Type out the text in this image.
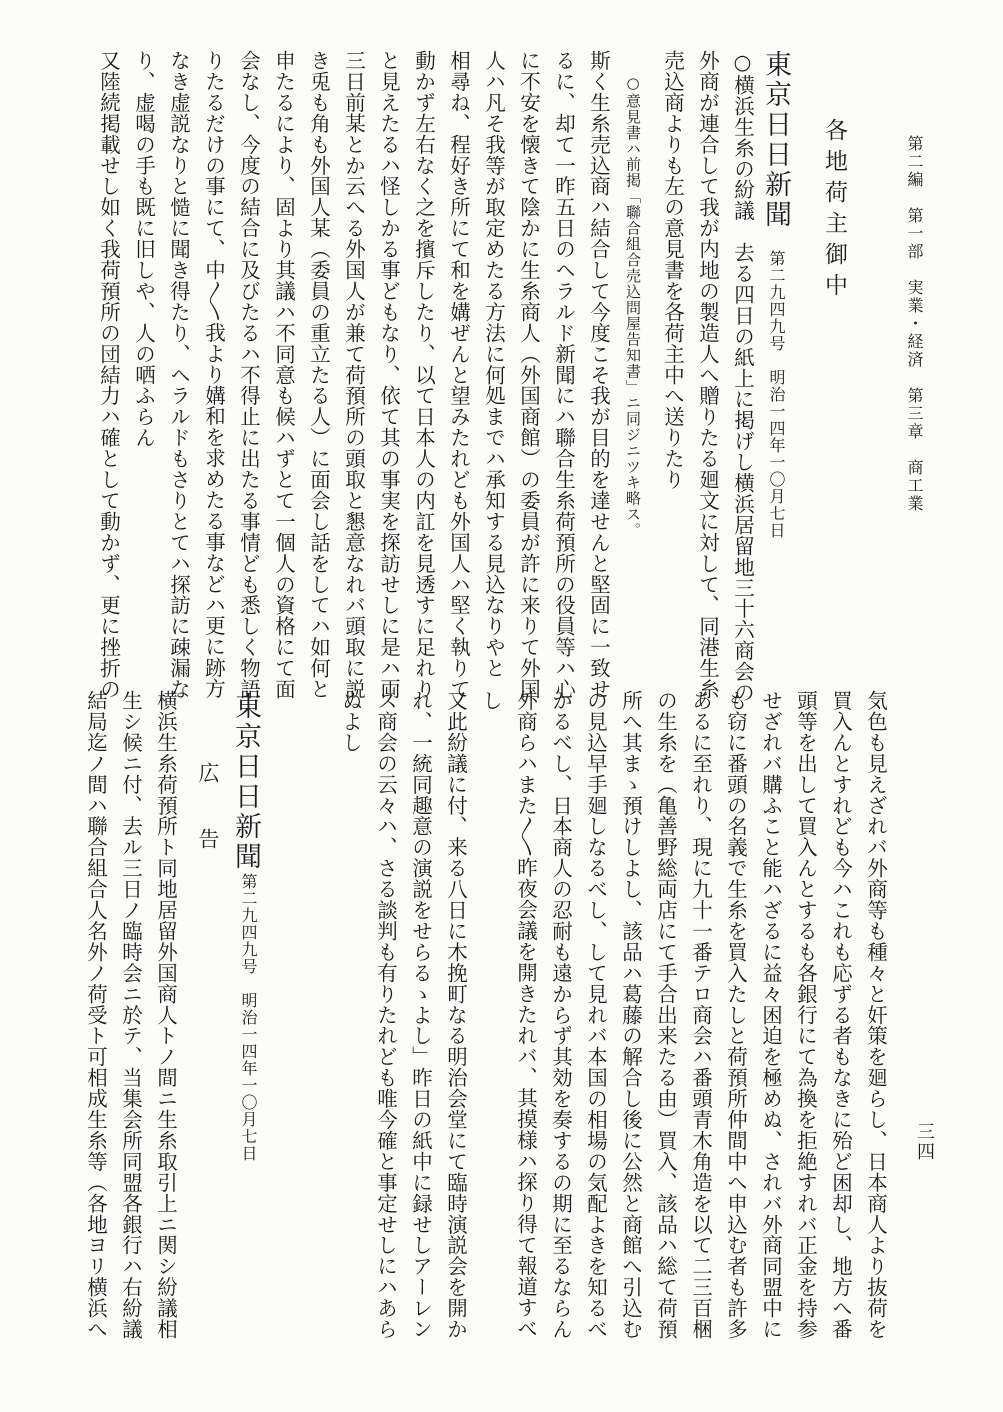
三四
第二編　第一部　実業・経済　第三章　商工業
各地荷主御中
東京日日新聞
第二九四九号　明治一四年一〇月七日
○横浜生糸の紛議　去る四日の紙上に掲げし横浜居留地三十六商会の
外商が連合して我が内地の製造人へ贈りたる廻文に対して、同港生糸
売込商よりも左の意見書を各荷主中へ送りたり
○意見書ハ前掲「聯合組合売込問屋告知書」ニ同ジニツキ略ス。
斯く生糸売込商ハ結合して今度こそ我が目的を達せんと堅固に一致せ
るに、却て一昨五日のヘラルド新聞にハ聯合生糸荷預所の役員等ハ心
に不安を懐きて陰かに生糸商人（外国商館）の委員が許に来りて外国
人ハ凡そ我等が取定めたる方法に何処までハ承知する見込なりやと
相尋ね、程好き所にて和を媾ぜんと望みたれども外国人ハ堅く執りて
動かず左右なく之を擯斥したり、以て日本人の内訌を見透すに足れり
と見えたるハ怪しかる事どもなり、依て其の事実を探訪せしに是ハ両
三日前某とか云へる外国人が兼て荷預所の頭取と懇意なれバ頭取に説
き兎も角も外国人某（委員の重立たる人）に面会し話をしてハ如何と
申たるにより、固より其議ハ不同意も候ハずとて一個人の資格にて面
会なし、今度の結合に及びたるハ不得止に出たる事情ども悉しく物語
りたるだけの事にて、中〳〵我より媾和を求めたる事などハ更に跡方
なき虚説なりと慥に聞き得たり、ヘラルドもさりとてハ探訪に疎漏な
り、虚喝の手も既に旧しや、人の哂ふらん
又陸続掲載せし如く我荷預所の団結力ハ確として動かず、更に挫折の
気色も見えざれバ外商等も種々と奸策を廻らし、日本商人より抜荷を
買入んとすれども今ハこれも応ずる者もなきに殆ど困却し、地方へ番
頭等を出して買入んとするも各銀行にて為換を拒絶すれバ正金を持参
せざれバ購ふこと能ハざるに益々困迫を極めぬ、されバ外商同盟中に
も窃に番頭の名義で生糸を買入たしと荷預所仲間中へ申込む者も許多
あるに至れり、現に九十一番テロ商会ハ番頭青木角造を以て二三百梱
の生糸を（亀善野総両店にて手合出来たる由）買入、該品ハ総て荷預
所へ其まゝ預けしよし、該品ハ葛藤の解合し後に公然と商館へ引込む
の見込早手廻しなるべし、して見れバ本国の相場の気配よきを知るべ
かるべし、日本商人の忍耐も遠からず其効を奏するの期に至るならん
外商らハまた〳〵昨夜会議を開きたれバ、其摸様ハ探り得て報道すべ
し
又此紛議に付、来る八日に木挽町なる明治会堂にて臨時演説会を開か
れ、一統同趣意の演説をせらるゝよし」昨日の紙中に録せしアーレン
ス商会の云々ハ、さる談判も有りたれども唯今確と事定せしにハあら
ぬよし
東京日日新聞
第二九四九号　明治一四年一〇月七日
広　告
横浜生糸荷預所ト同地居留外国商人トノ間ニ生糸取引上ニ関シ紛議相
生シ候ニ付、去ル三日ノ臨時会ニ於テ、当集会所同盟各銀行ハ右紛議
結局迄ノ間ハ聯合組合人名外ノ荷受ト可相成生糸等（各地ヨリ横浜へ
